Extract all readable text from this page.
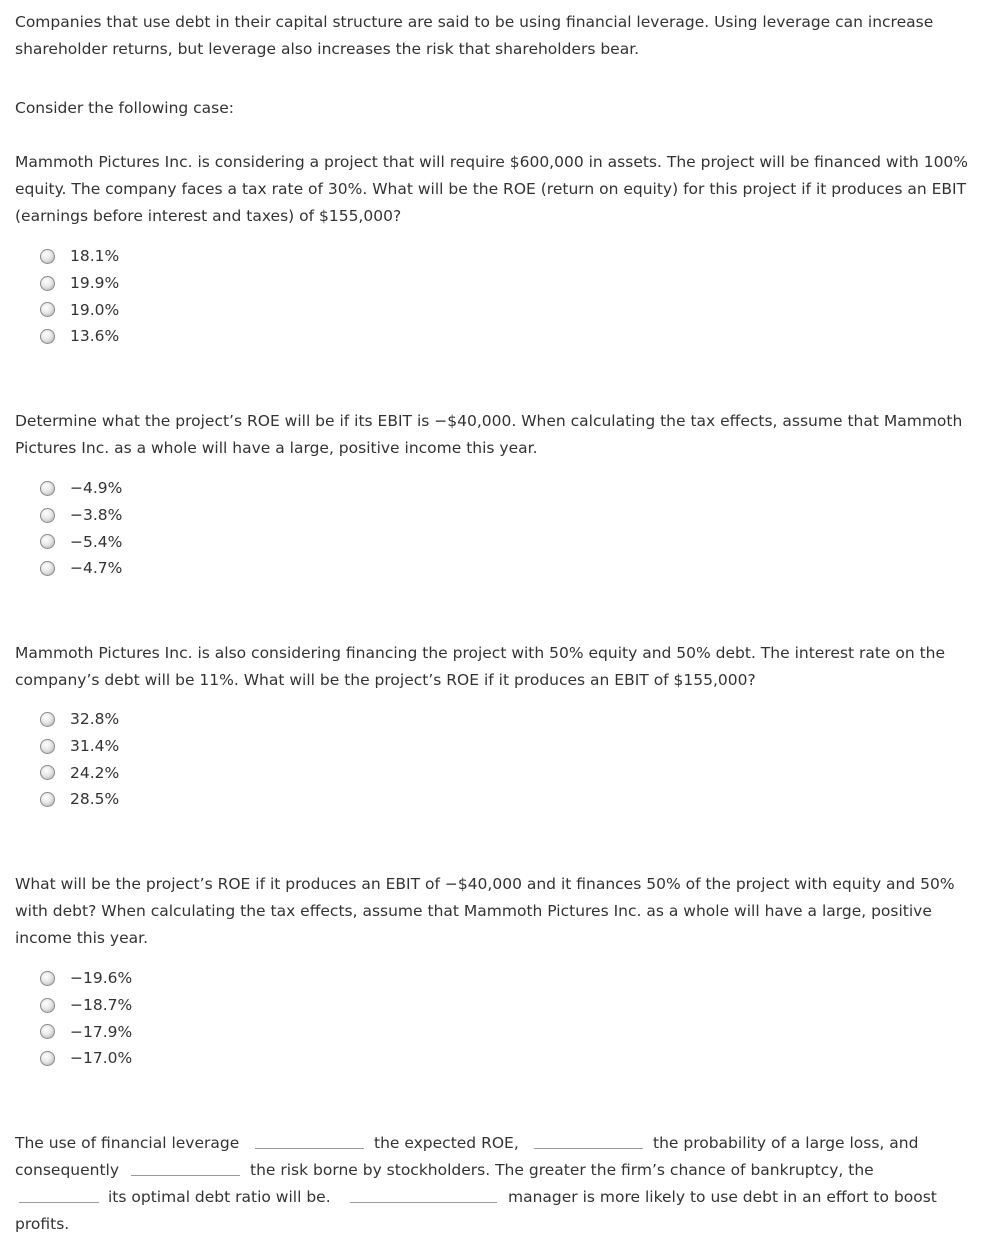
Companies that use debt in their capital structure are said to be using financial leverage. Using leverage can increase shareholder returns, but leverage also increases the risk that shareholders bear.

Consider the following case:

Mammoth Pictures Inc. is considering a project that will require $600,000 in assets. The project will be financed with 100% equity. The company faces a tax rate of 30%. What will be the ROE (return on equity) for this project if it produces an EBIT (earnings before interest and taxes) of $155,000?

18.1%
19.9%
19.0%
13.6%

Determine what the project’s ROE will be if its EBIT is −$40,000. When calculating the tax effects, assume that Mammoth Pictures Inc. as a whole will have a large, positive income this year.

−4.9%
−3.8%
−5.4%
−4.7%

Mammoth Pictures Inc. is also considering financing the project with 50% equity and 50% debt. The interest rate on the company’s debt will be 11%. What will be the project’s ROE if it produces an EBIT of $155,000?

32.8%
31.4%
24.2%
28.5%

What will be the project’s ROE if it produces an EBIT of −$40,000 and it finances 50% of the project with equity and 50% with debt? When calculating the tax effects, assume that Mammoth Pictures Inc. as a whole will have a large, positive income this year.

−19.6%
−18.7%
−17.9%
−17.0%
The use of financial leverage	the expected ROE,	the probability of a large loss, and
consequently	the risk borne by stockholders. The greater the firm’s chance of bankruptcy, the
its optimal debt ratio will be.	manager is more likely to use debt in an effort to boost
profits.
